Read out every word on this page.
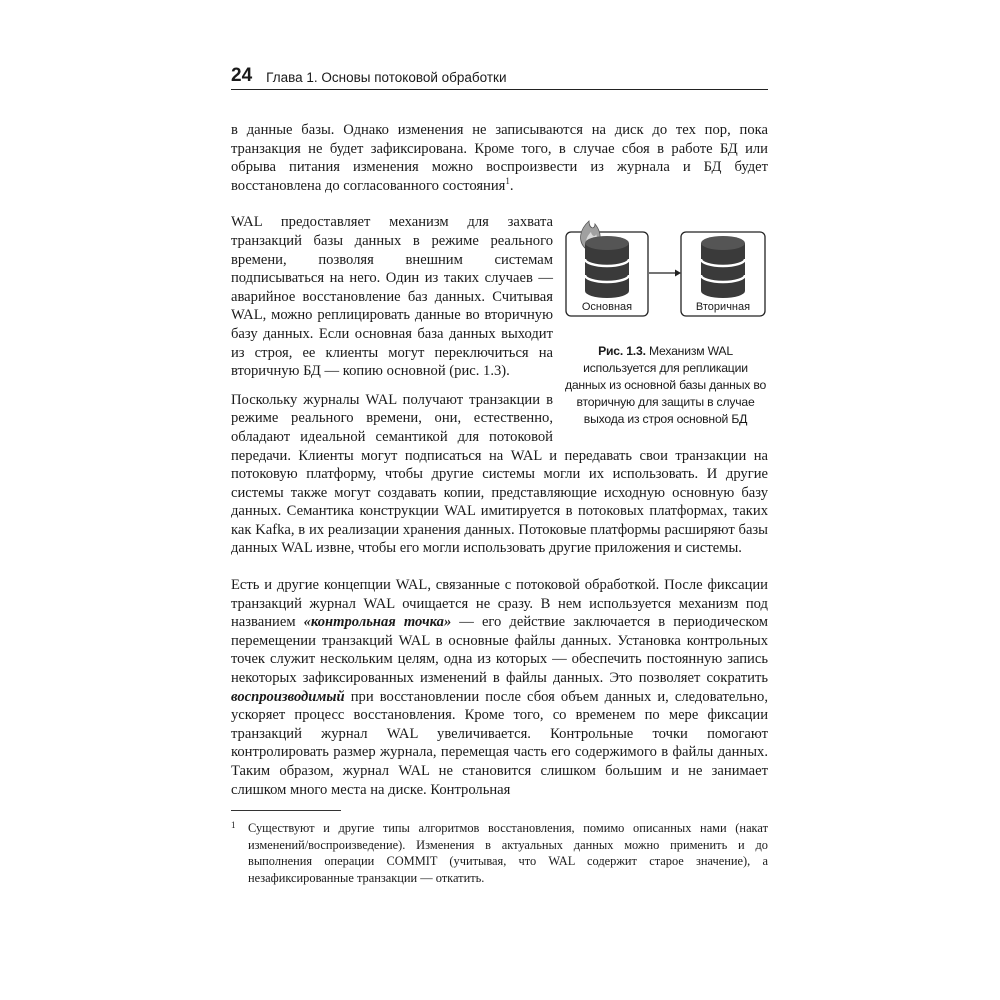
24 Глава 1. Основы потоковой обработки

в данные базы. Однако изменения не записываются на диск до тех пор, пока транзакция не будет зафиксирована. Кроме того, в случае сбоя в работе БД или обрыва питания изменения можно воспроизвести из журнала и БД будет восстановлена до согласованного состояния$^1$.

Основная	Вторичная
Рис. 1.3. Механизм WAL используется для репликации данных из основной базы данных во вторичную для защиты в случае выхода из строя основной БД

WAL предоставляет механизм для захвата транзакций базы данных в режиме реального времени, позволяя внешним системам подписываться на него. Один из таких случаев — аварийное восстановление баз данных. Считывая WAL, можно реплицировать данные во вторичную базу данных. Если основная база данных выходит из строя, ее клиенты могут переключиться на вторичную БД — копию основной (рис. 1.3).

Поскольку журналы WAL получают транзакции в режиме реального времени, они, естественно, обладают идеальной семантикой для потоковой передачи. Клиенты могут подписаться на WAL и передавать свои транзакции на потоковую платформу, чтобы другие системы могли их использовать. И другие системы также могут создавать копии, представляющие исходную основную базу данных. Семантика конструкции WAL имитируется в потоковых платформах, таких как Kafka, в их реализации хранения данных. Потоковые платформы расширяют базы данных WAL извне, чтобы его могли использовать другие приложения и системы.

Есть и другие концепции WAL, связанные с потоковой обработкой. После фиксации транзакций журнал WAL очищается не сразу. В нем используется механизм под названием «контрольная точка» — его действие заключается в периодическом перемещении транзакций WAL в основные файлы данных. Установка контрольных точек служит нескольким целям, одна из которых — обеспечить постоянную запись некоторых зафиксированных изменений в файлы данных. Это позволяет сократить воспроизводимый при восстановлении после сбоя объем данных и, следовательно, ускоряет процесс восстановления. Кроме того, со временем по мере фиксации транзакций журнал WAL увеличивается. Контрольные точки помогают контролировать размер журнала, перемещая часть его содержимого в файлы данных. Таким образом, журнал WAL не становится слишком большим и не занимает слишком много места на диске. Контрольная

1	Существуют и другие типы алгоритмов восстановления, помимо описанных нами (накат изменений/воспроизведение). Изменения в актуальных данных можно применить и до выполнения операции COMMIT (учитывая, что WAL содержит старое значение), а незафиксированные транзакции — откатить.
